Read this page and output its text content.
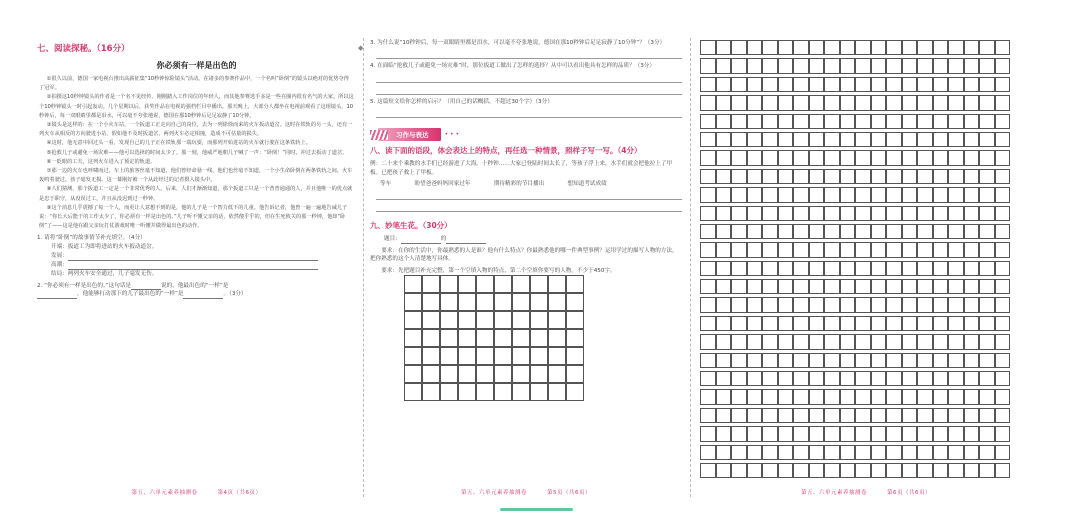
七、阅读探秘。（16分）
你必须有一样是出色的

①很久以前，德国一家电视台推出高薪征集“10秒钟惊险镜头”活动。在诸多的参赛作品中，一个名叫“卧倒”的镜头以绝对的优势夺得了冠军。

②拍摄这10秒钟镜头的作者是一个名不见经传、刚刚踏入工作岗位的年轻人，而其他参赛选手多是一些在圈内很有名气的大家。所以这个10秒钟镜头一时引起轰动。几个星期以后，获奖作品在电视的强档栏目中播出。那天晚上，大部分人都坐在电视前观看了这组镜头，10秒钟后，每一双眼睛里都是泪水，可以毫不夸张地说，德国在那10秒钟后足足寂静了10分钟。

③镜头是这样的：在一个小火车站，一个扳道工正走向自己的岗位，去为一列徐徐而来的火车扳动道岔。这时在铁轨的另一头，还有一列火车从相反的方向驶进小站。假如他不及时扳道岔，两列火车必定相撞，造成不可估量的损失。

④这时，他无意中回过头一看，发现自己的儿子正在铁轨那一端玩耍，而那列开始进站的火车就行驶在这条铁轨上。

⑤抢救儿子或避免一场灾难——他可以选择的时间太少了。那一刻，他威严地朝儿子喊了一声：“卧倒！”同时，冲过去扳动了道岔。

⑥一眨眼的工夫，这列火车进入了预定的轨道。

⑦那一边的火车也呼啸而过，车上的旅客丝毫不知道，他们曾经命悬一线，他们也丝毫不知道，一个小生命卧倒在两条铁轨之间。火车轰鸣着驶过，孩子毫发无损。这一幕刚好被一个从此经过的记者摄入镜头中。

⑧人们猜测，那个扳道工一定是一个非常优秀的人。后来，人们才渐渐知道，那个扳道工只是一个普普通通的人，并且他唯一的优点就是忠于职守，从没误过工，并且从没迟到过一秒钟。

⑨这个消息几乎震撼了每一个人，而更让人意想不到的是，他的儿子是一个智力低下的儿童。他告诉记者，他曾一遍一遍地告诫儿子说：“你长大后能干的工作太少了，你必须有一样是出色的。”儿子听不懂父亲的话，依然傻乎乎的，但在生死攸关的那一秒钟，他却“卧倒”了——这是他在跟父亲玩打仗游戏时唯一听懂并做得最出色的动作。

1. 请将“卧倒”的故事情节补充填空。（4分）
开端：扳道工为即将进站的火车扳动道岔。
发展：
高潮：
结局：两列火车安全通过，儿子毫发无伤。
2. “你必须有一样是出色的。”这句话是	说的，他最出色的“一样”是
，他能够打动那下的儿子最出色的“一样”是	。（3分）
第五、六单元素养抽测卷	第4页（共6页）
3. 为什么说“10秒钟后，每一双眼睛里都是泪水，可以毫不夸张地说，德国在那10秒钟后足足寂静了10分钟”？（3分）
4. 在面临“抢救儿子或避免一场灾难”时，那位扳道工做出了怎样的选择？从中可以看出他具有怎样的品质？（3分）
5. 这篇短文给你怎样的启示？（用自己的话概括，不超过30个字）（3分）
习作与表达	•••
八、读下面的语段，体会表达上的特点，再任选一种情景，照样子写一写。（4分）
例：二十来个乘教的水手们已经游进了大海。十秒钟……大家已登陆时间太长了，等孩子浮上来，水手们就会把他拉上了甲板。已把孩子救上了甲板。
等车	盼望爸爸妈妈回家过年	期待精彩的节目播出	想知道考试成绩
九、妙笔生花。（30分）
题目：	的
要求：在你的生活中，你最熟悉的人是谁？他有什么特点？你最熟悉他的哪一件典型事例？运用学过的描写人物的方法，把你熟悉的这个人清楚地写具体。
要求：先把题目补充完整，第一个空填入物的特点，第二个空填你要写的人物。不少于450字。
第五、六单元素养抽测卷	第5页（共6页）	第五、六单元素养抽测卷	第6页（共6页）
◆
